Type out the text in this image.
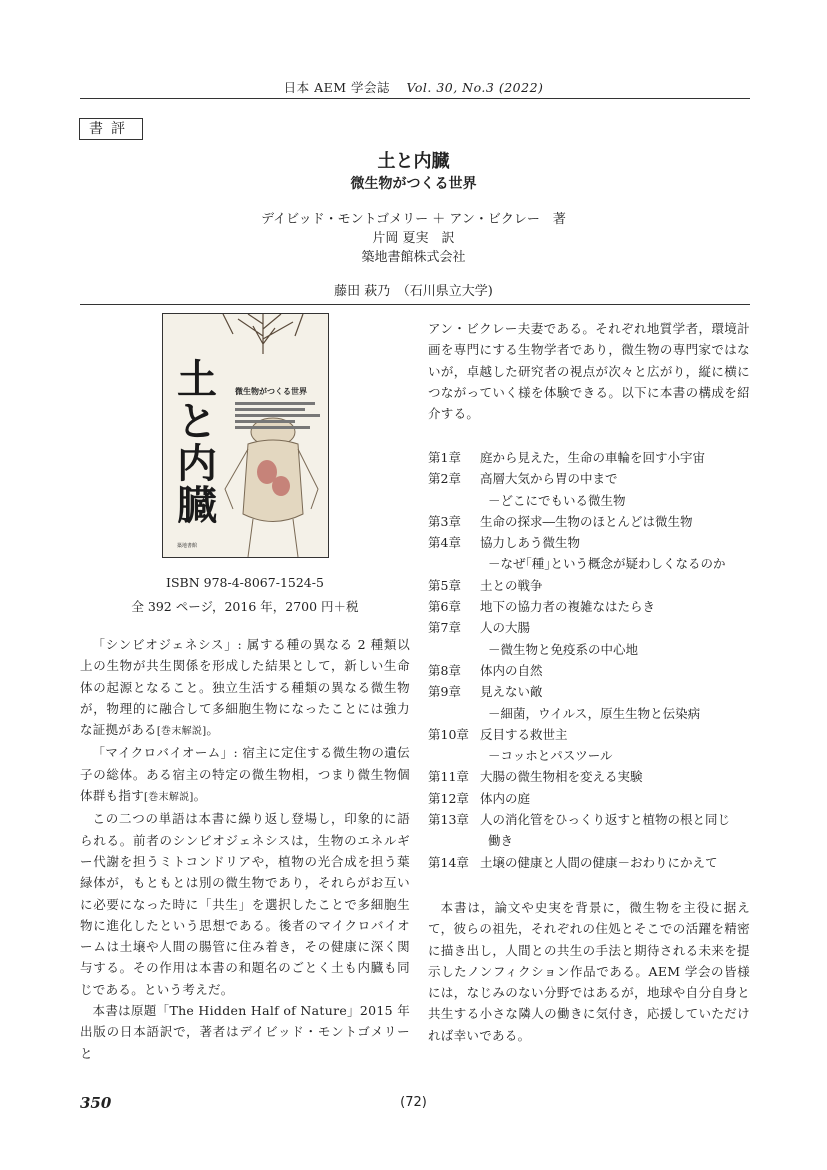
日本 AEM 学会誌 Vol. 30, No.3 (2022)
書評
土と内臓
微生物がつくる世界
デイビッド・モントゴメリー ＋ アン・ビクレー　著
片岡 夏実　訳
築地書館株式会社
藤田 萩乃　（石川県立大学)
土と内臓
微生物がつくる世界
築地書館
ISBN 978-4-8067-1524-5
全 392 ページ，2016 年，2700 円＋税

「シンビオジェネシス」: 属する種の異なる 2 種類以上の生物が共生関係を形成した結果として，新しい生命体の起源となること。独立生活する種類の異なる微生物が，物理的に融合して多細胞生物になったことには強力な証拠がある[巻末解説]。

「マイクロバイオーム」: 宿主に定住する微生物の遺伝子の総体。ある宿主の特定の微生物相，つまり微生物個体群も指す[巻末解説]。

この二つの単語は本書に繰り返し登場し，印象的に語られる。前者のシンビオジェネシスは，生物のエネルギー代謝を担うミトコンドリアや，植物の光合成を担う葉緑体が，もともとは別の微生物であり，それらがお互いに必要になった時に「共生」を選択したことで多細胞生物に進化したという思想である。後者のマイクロバイオームは土壌や人間の腸管に住み着き，その健康に深く関与する。その作用は本書の和題名のごとく土も内臓も同じである。という考えだ。

本書は原題「The Hidden Half of Nature」2015 年出版の日本語訳で，著者はデイビッド・モントゴメリーと

アン・ビクレー夫妻である。それぞれ地質学者，環境計画を専門にする生物学者であり，微生物の専門家ではないが，卓越した研究者の視点が次々と広がり，縦に横につながっていく様を体験できる。以下に本書の構成を紹介する。

第1章	庭から見えた，生命の車輪を回す小宇宙
第2章	高層大気から胃の中まで
－どこにでもいる微生物
第3章	生命の探求―生物のほとんどは微生物
第4章	協力しあう微生物
－なぜ｢種｣という概念が疑わしくなるのか
第5章	土との戦争
第6章	地下の協力者の複雑なはたらき
第7章	人の大腸
－微生物と免疫系の中心地
第8章	体内の自然
第9章	見えない敵
－細菌，ウイルス，原生生物と伝染病
第10章 反目する救世主
－コッホとパスツール
第11章 大腸の微生物相を変える実験
第12章 体内の庭
第13章 人の消化管をひっくり返すと植物の根と同じ
働き
第14章 土壌の健康と人間の健康－おわりにかえて

本書は，論文や史実を背景に，微生物を主役に据えて，彼らの祖先，それぞれの住処とそこでの活躍を精密に描き出し，人間との共生の手法と期待される未来を提示したノンフィクション作品である。AEM 学会の皆様には，なじみのない分野ではあるが，地球や自分自身と共生する小さな隣人の働きに気付き，応援していただければ幸いである。

350	(72)
